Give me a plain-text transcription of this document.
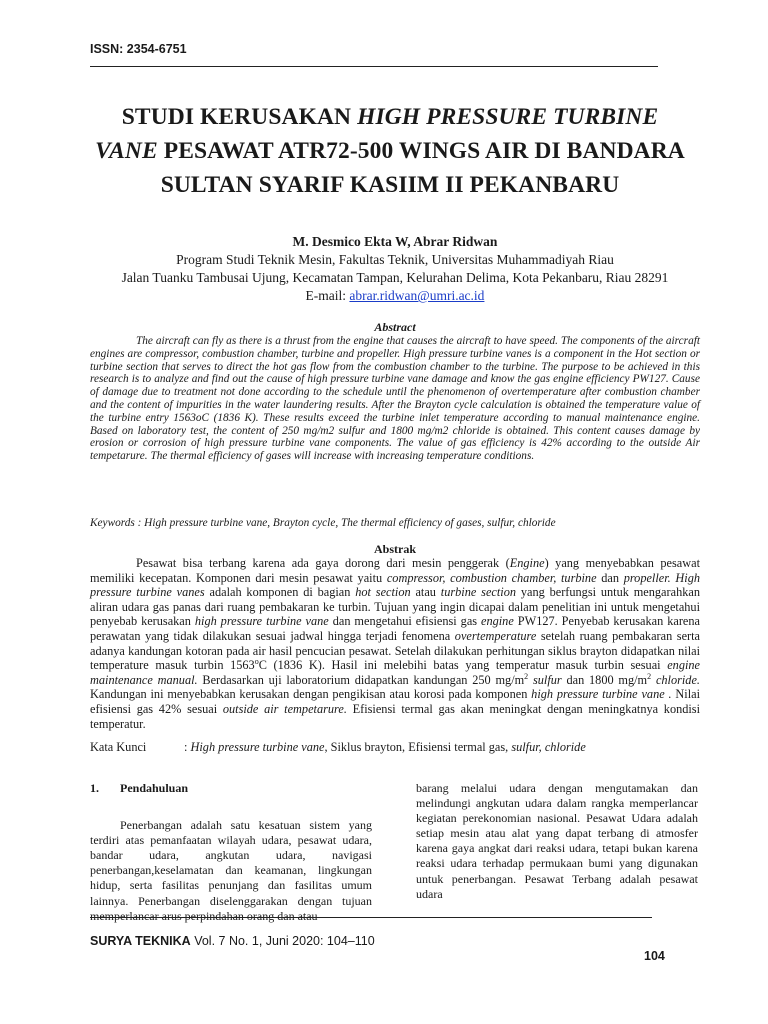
ISSN: 2354-6751
STUDI KERUSAKAN HIGH PRESSURE TURBINE VANE PESAWAT ATR72-500 WINGS AIR DI BANDARA SULTAN SYARIF KASIIM II PEKANBARU
M. Desmico Ekta W, Abrar Ridwan
Program Studi Teknik Mesin, Fakultas Teknik, Universitas Muhammadiyah Riau
Jalan Tuanku Tambusai Ujung, Kecamatan Tampan, Kelurahan Delima, Kota Pekanbaru, Riau 28291
E-mail: abrar.ridwan@umri.ac.id
Abstract
The aircraft can fly as there is a thrust from the engine that causes the aircraft to have speed. The components of the aircraft engines are compressor, combustion chamber, turbine and propeller. High pressure turbine vanes is a component in the Hot section or turbine section that serves to direct the hot gas flow from the combustion chamber to the turbine. The purpose to be achieved in this research is to analyze and find out the cause of high pressure turbine vane damage and know the gas engine efficiency PW127. Cause of damage due to treatment not done according to the schedule until the phenomenon of overtemperature after combustion chamber and the content of impurities in the water laundering results. After the Brayton cycle calculation is obtained the temperature value of the turbine entry 1563oC (1836 K). These results exceed the turbine inlet temperature according to manual maintenance engine. Based on laboratory test, the content of 250 mg/m2 sulfur and 1800 mg/m2 chloride is obtained. This content causes damage by erosion or corrosion of high pressure turbine vane components. The value of gas efficiency is 42% according to the outside Air tempetarure. The thermal efficiency of gases will increase with increasing temperature conditions.
Keywords : High pressure turbine vane, Brayton cycle, The thermal efficiency of gases, sulfur, chloride
Abstrak
Pesawat bisa terbang karena ada gaya dorong dari mesin penggerak (Engine) yang menyebabkan pesawat memiliki kecepatan. Komponen dari mesin pesawat yaitu compressor, combustion chamber, turbine dan propeller. High pressure turbine vanes adalah komponen di bagian hot section atau turbine section yang berfungsi untuk mengarahkan aliran udara gas panas dari ruang pembakaran ke turbin. Tujuan yang ingin dicapai dalam penelitian ini untuk mengetahui penyebab kerusakan high pressure turbine vane dan mengetahui efisiensi gas engine PW127. Penyebab kerusakan karena perawatan yang tidak dilakukan sesuai jadwal hingga terjadi fenomena overtemperature setelah ruang pembakaran serta adanya kandungan kotoran pada air hasil pencucian pesawat. Setelah dilakukan perhitungan siklus brayton didapatkan nilai temperature masuk turbin 1563$^o$C (1836 K). Hasil ini melebihi batas yang temperatur masuk turbin sesuai engine maintenance manual. Berdasarkan uji laboratorium didapatkan kandungan 250 $mg/m^2$ sulfur dan 1800 $mg/m^2$ chloride. Kandungan ini menyebabkan kerusakan dengan pengikisan atau korosi pada komponen high pressure turbine vane . Nilai efisiensi gas 42% sesuai outside air tempetarure. Efisiensi termal gas akan meningkat dengan meningkatnya kondisi temperatur.
Kata Kunci	: High pressure turbine vane, Siklus brayton, Efisiensi termal gas, sulfur, chloride
1. Pendahuluan

Penerbangan adalah satu kesatuan sistem yang terdiri atas pemanfaatan wilayah udara, pesawat udara, bandar udara, angkutan udara, navigasi penerbangan,keselamatan dan keamanan, lingkungan hidup, serta fasilitas penunjang dan fasilitas umum lainnya. Penerbangan diselenggarakan dengan tujuan memperlancar arus perpindahan orang dan atau

barang melalui udara dengan mengutamakan dan melindungi angkutan udara dalam rangka memperlancar kegiatan perekonomian nasional. Pesawat Udara adalah setiap mesin atau alat yang dapat terbang di atmosfer karena gaya angkat dari reaksi udara, tetapi bukan karena reaksi udara terhadap permukaan bumi yang digunakan untuk penerbangan. Pesawat Terbang adalah pesawat udara

SURYA TEKNIKA Vol. 7 No. 1, Juni 2020: 104–110
104
